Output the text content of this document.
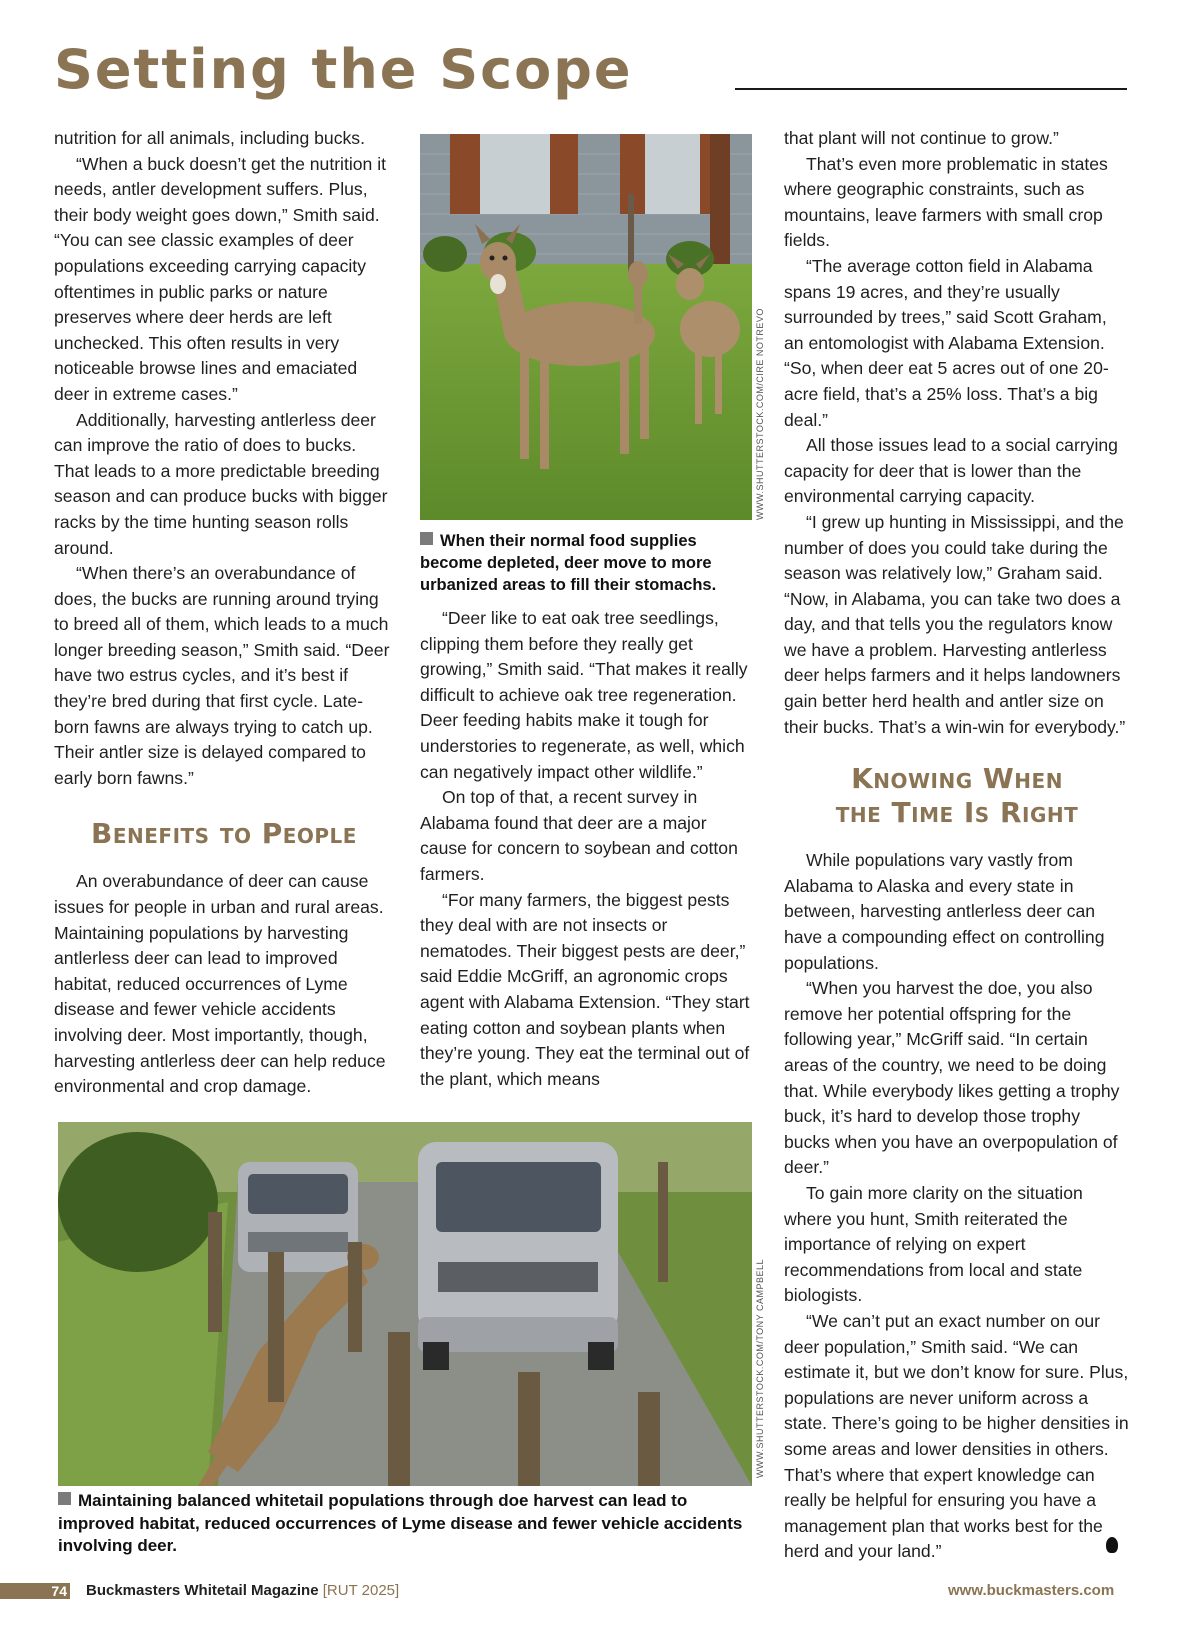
Setting the Scope

nutrition for all animals, including bucks.

“When a buck doesn’t get the nutrition it needs, antler development suffers. Plus, their body weight goes down,” Smith said. “You can see classic examples of deer populations exceeding carrying capacity oftentimes in public parks or nature preserves where deer herds are left unchecked. This often results in very noticeable browse lines and emaciated deer in extreme cases.”

Additionally, harvesting antlerless deer can improve the ratio of does to bucks. That leads to a more predictable breeding season and can produce bucks with bigger racks by the time hunting season rolls around.

“When there’s an overabundance of does, the bucks are running around trying to breed all of them, which leads to a much longer breeding season,” Smith said. “Deer have two estrus cycles, and it’s best if they’re bred during that first cycle. Late-born fawns are always trying to catch up. Their antler size is delayed compared to early born fawns.”

Benefits to People

An overabundance of deer can cause issues for people in urban and rural areas. Maintaining populations by harvesting antlerless deer can lead to improved habitat, reduced occurrences of Lyme disease and fewer vehicle accidents involving deer. Most importantly, though, harvesting antlerless deer can help reduce environmental and crop damage.

WWW.SHUTTERSTOCK.COM/CIRE NOTREVO
When their normal food supplies become depleted, deer move to more urbanized areas to fill their stomachs.

“Deer like to eat oak tree seedlings, clipping them before they really get growing,” Smith said. “That makes it really difficult to achieve oak tree regeneration. Deer feeding habits make it tough for understories to regenerate, as well, which can negatively impact other wildlife.”

On top of that, a recent survey in Alabama found that deer are a major cause for concern to soybean and cotton farmers.

“For many farmers, the biggest pests they deal with are not insects or nematodes. Their biggest pests are deer,” said Eddie McGriff, an agronomic crops agent with Alabama Extension. “They start eating cotton and soybean plants when they’re young. They eat the terminal out of the plant, which means

that plant will not continue to grow.”

That’s even more problematic in states where geographic constraints, such as mountains, leave farmers with small crop fields.

“The average cotton field in Alabama spans 19 acres, and they’re usually surrounded by trees,” said Scott Graham, an entomologist with Alabama Extension. “So, when deer eat 5 acres out of one 20-acre field, that’s a 25% loss. That’s a big deal.”

All those issues lead to a social carrying capacity for deer that is lower than the environmental carrying capacity.

“I grew up hunting in Mississippi, and the number of does you could take during the season was relatively low,” Graham said. “Now, in Alabama, you can take two does a day, and that tells you the regulators know we have a problem. Harvesting antlerless deer helps farmers and it helps landowners gain better herd health and antler size on their bucks. That’s a win-win for everybody.”

Knowing When the Time Is Right

While populations vary vastly from Alabama to Alaska and every state in between, harvesting antlerless deer can have a compounding effect on controlling populations.

“When you harvest the doe, you also remove her potential offspring for the following year,” McGriff said. “In certain areas of the country, we need to be doing that. While everybody likes getting a trophy buck, it’s hard to develop those trophy bucks when you have an overpopulation of deer.”

To gain more clarity on the situation where you hunt, Smith reiterated the importance of relying on expert recommendations from local and state biologists.

“We can’t put an exact number on our deer population,” Smith said. “We can estimate it, but we don’t know for sure. Plus, populations are never uniform across a state. There’s going to be higher densities in some areas and lower densities in others. That’s where that expert knowledge can really be helpful for ensuring you have a management plan that works best for the herd and your land.”

WWW.SHUTTERSTOCK.COM/TONY CAMPBELL
Maintaining balanced whitetail populations through doe harvest can lead to improved habitat, reduced occurrences of Lyme disease and fewer vehicle accidents involving deer.
74 Buckmasters Whitetail Magazine [RUT 2025]	www.buckmasters.com
